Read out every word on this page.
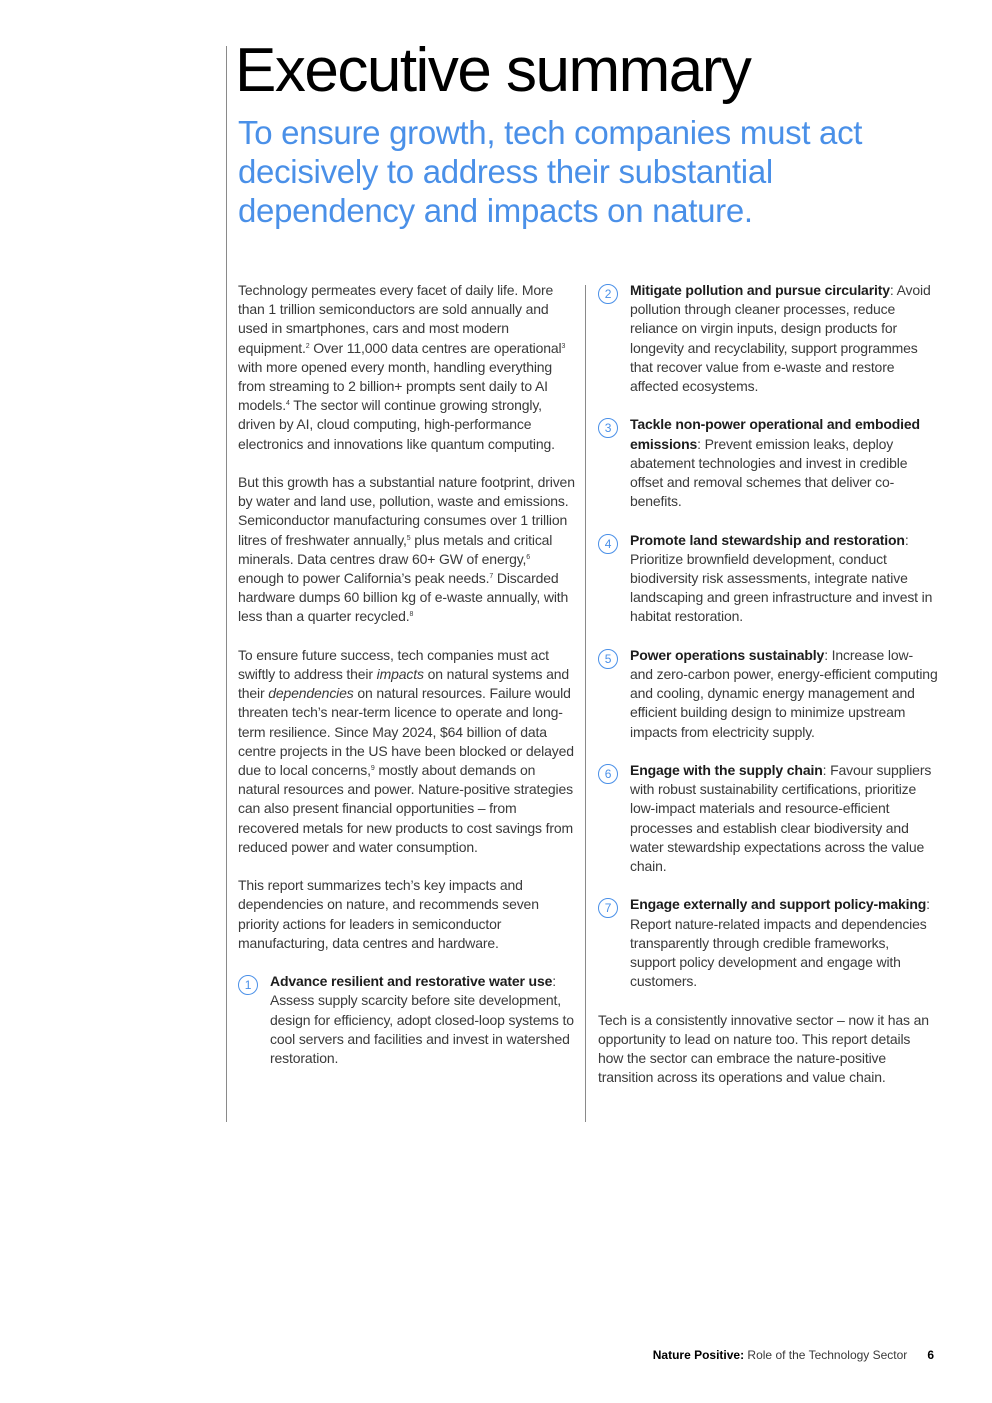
Executive summary
To ensure growth, tech companies must act decisively to address their substantial dependency and impacts on nature.

Technology permeates every facet of daily life. More than 1 trillion semiconductors are sold annually and used in smartphones, cars and most modern equipment.$^2$ Over 11,000 data centres are operational$^3$ with more opened every month, handling everything from streaming to 2 billion+ prompts sent daily to AI models.$^4$ The sector will continue growing strongly, driven by AI, cloud computing, high-performance electronics and innovations like quantum computing.

But this growth has a substantial nature footprint, driven by water and land use, pollution, waste and emissions. Semiconductor manufacturing consumes over 1 trillion litres of freshwater annually,$^5$ plus metals and critical minerals. Data centres draw 60+ GW of energy,$^6$ enough to power California’s peak needs.$^7$ Discarded hardware dumps 60 billion kg of e-waste annually, with less than a quarter recycled.$^8$

To ensure future success, tech companies must act swiftly to address their impacts on natural systems and their dependencies on natural resources. Failure would threaten tech’s near-term licence to operate and long-term resilience. Since May 2024, $64 billion of data centre projects in the US have been blocked or delayed due to local concerns,$^9$ mostly about demands on natural resources and power. Nature-positive strategies can also present financial opportunities – from recovered metals for new products to cost savings from reduced power and water consumption.

This report summarizes tech’s key impacts and dependencies on nature, and recommends seven priority actions for leaders in semiconductor manufacturing, data centres and hardware.

1	Advance resilient and restorative water use: Assess supply scarcity before site development, design for efficiency, adopt closed-loop systems to cool servers and facilities and invest in watershed restoration.
2	Mitigate pollution and pursue circularity: Avoid pollution through cleaner processes, reduce reliance on virgin inputs, design products for longevity and recyclability, support programmes that recover value from e-waste and restore affected ecosystems.
3	Tackle non-power operational and embodied emissions: Prevent emission leaks, deploy abatement technologies and invest in credible offset and removal schemes that deliver co-benefits.
4	Promote land stewardship and restoration: Prioritize brownfield development, conduct biodiversity risk assessments, integrate native landscaping and green infrastructure and invest in habitat restoration.
5	Power operations sustainably: Increase low- and zero-carbon power, energy-efficient computing and cooling, dynamic energy management and efficient building design to minimize upstream impacts from electricity supply.
6	Engage with the supply chain: Favour suppliers with robust sustainability certifications, prioritize low-impact materials and resource-efficient processes and establish clear biodiversity and water stewardship expectations across the value chain.
7	Engage externally and support policy-making: Report nature-related impacts and dependencies transparently through credible frameworks, support policy development and engage with customers.

Tech is a consistently innovative sector – now it has an opportunity to lead on nature too. This report details how the sector can embrace the nature-positive transition across its operations and value chain.

Nature Positive: Role of the Technology Sector 6
